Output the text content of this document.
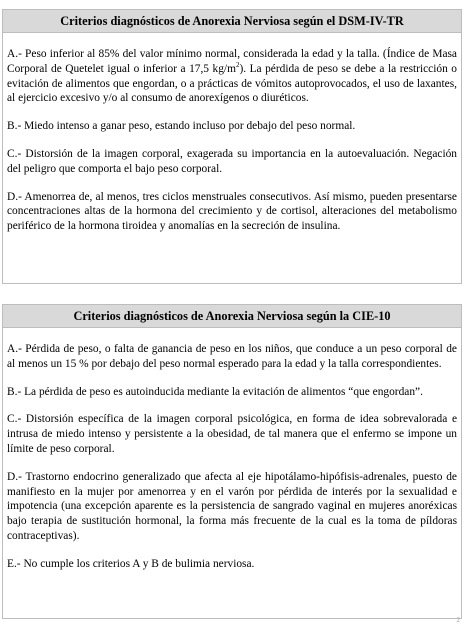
Criterios diagnósticos de Anorexia Nerviosa según el DSM-IV-TR

A.- Peso inferior al 85% del valor mínimo normal, considerada la edad y la talla. (Índice de Masa Corporal de Quetelet igual o inferior a 17,5 $kg/m^2$). La pérdida de peso se debe a la restricción o evitación de alimentos que engordan, o a prácticas de vómitos autoprovocados, el uso de laxantes, al ejercicio excesivo y/o al consumo de anorexígenos o diuréticos.

B.- Miedo intenso a ganar peso, estando incluso por debajo del peso normal.

C.- Distorsión de la imagen corporal, exagerada su importancia en la autoevaluación. Negación del peligro que comporta el bajo peso corporal.

D.- Amenorrea de, al menos, tres ciclos menstruales consecutivos. Así mismo, pueden presentarse concentraciones altas de la hormona del crecimiento y de cortisol, alteraciones del metabolismo periférico de la hormona tiroidea y anomalías en la secreción de insulina.

Criterios diagnósticos de Anorexia Nerviosa según la CIE-10

A.- Pérdida de peso, o falta de ganancia de peso en los niños, que conduce a un peso corporal de al menos un 15 % por debajo del peso normal esperado para la edad y la talla correspondientes.

B.- La pérdida de peso es autoinducida mediante la evitación de alimentos “que engordan”.

C.- Distorsión específica de la imagen corporal psicológica, en forma de idea sobrevalorada e intrusa de miedo intenso y persistente a la obesidad, de tal manera que el enfermo se impone un límite de peso corporal.

D.- Trastorno endocrino generalizado que afecta al eje hipotálamo-hipófisis-adrenales, puesto de manifiesto en la mujer por amenorrea y en el varón por pérdida de interés por la sexualidad e impotencia (una excepción aparente es la persistencia de sangrado vaginal en mujeres anoréxicas bajo terapia de sustitución hormonal, la forma más frecuente de la cual es la toma de píldoras contraceptivas).

E.- No cumple los criterios A y B de bulimia nerviosa.

2
